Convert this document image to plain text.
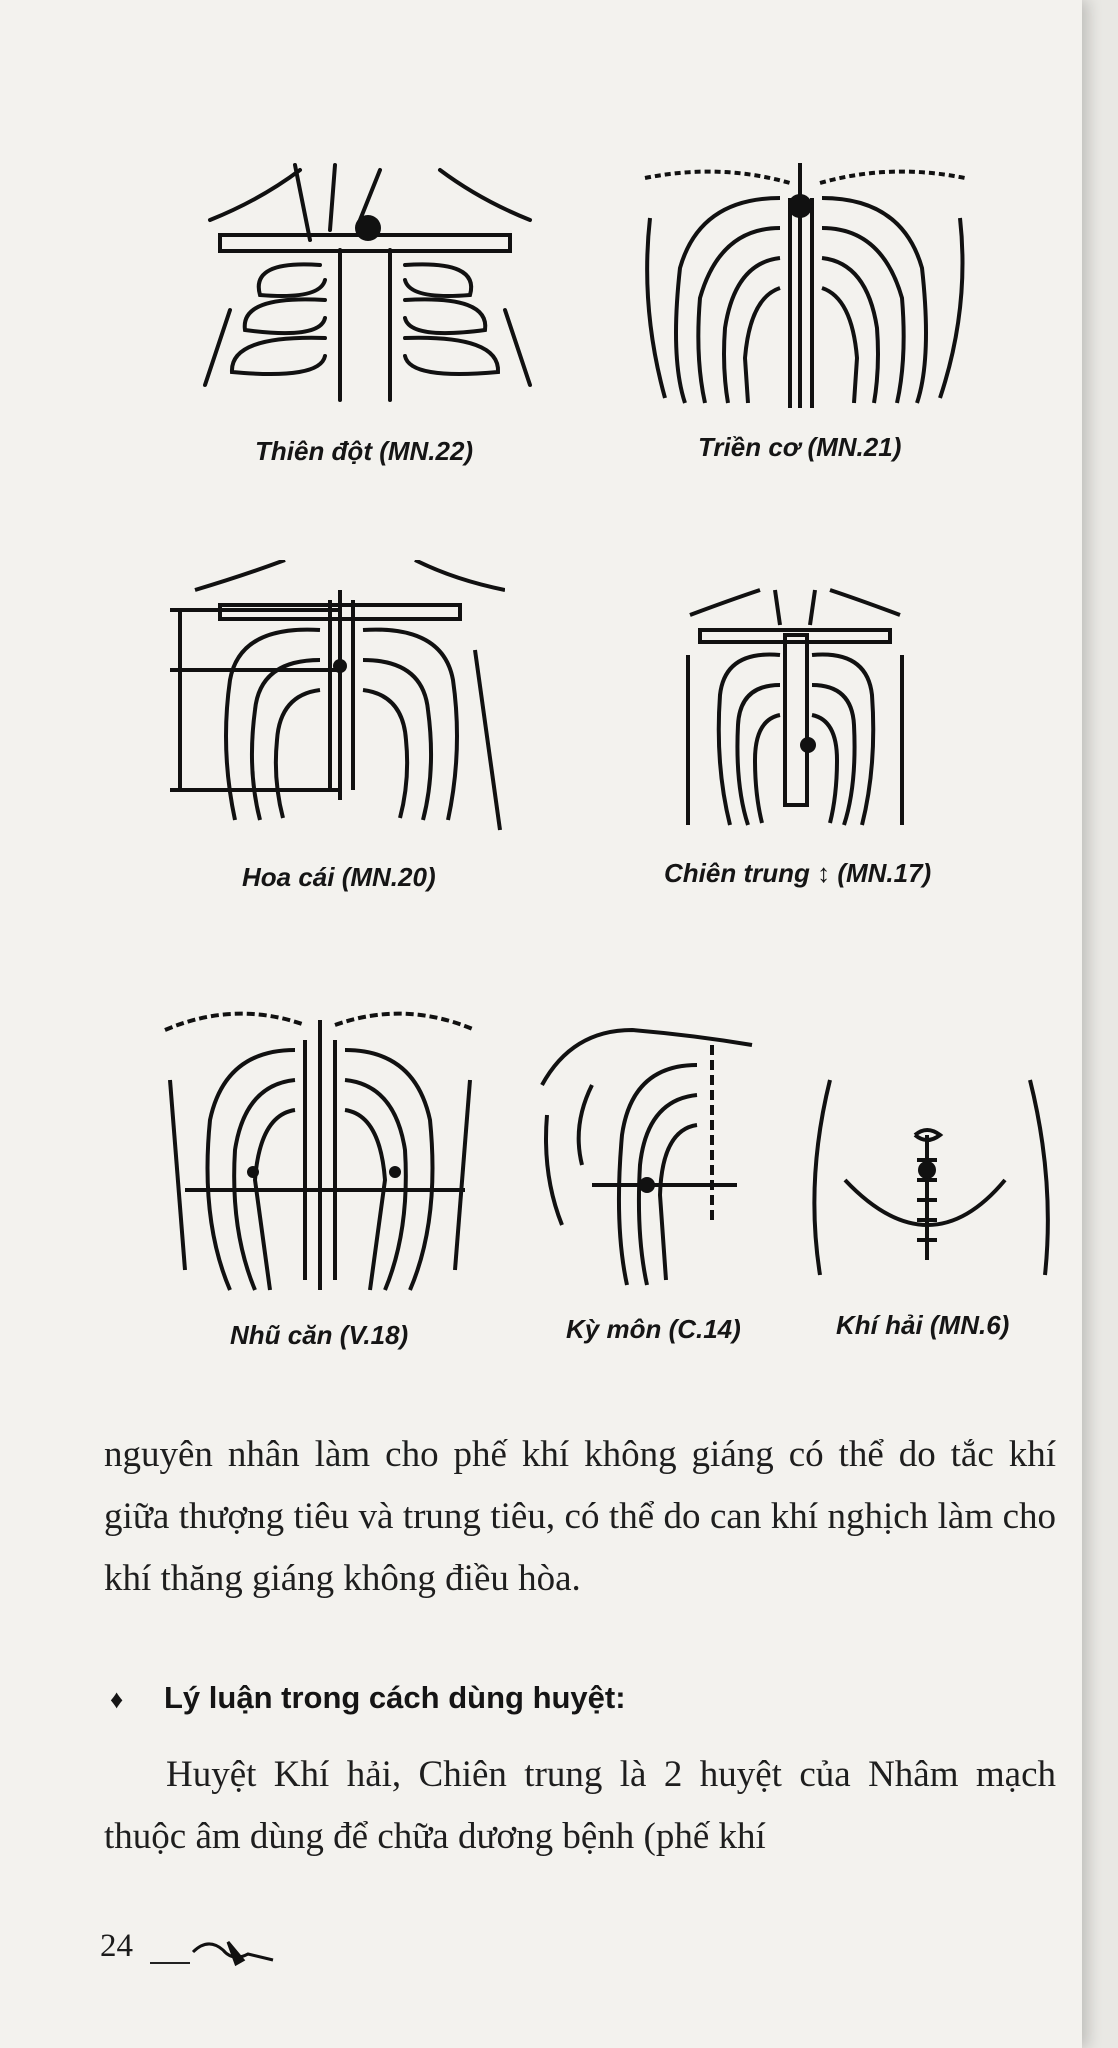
Thiên đột (MN.22)	Triền cơ (MN.21)
Hoa cái (MN.20)	Chiên trung ↕ (MN.17)
Nhũ căn (V.18)	Kỳ môn (C.14)	Khí hải (MN.6)
nguyên nhân làm cho phế khí không giáng có thể do tắc khí giữa thượng tiêu và trung tiêu, có thể do can khí nghịch làm cho khí thăng giáng không điều hòa.
♦ Lý luận trong cách dùng huyệt:
Huyệt Khí hải, Chiên trung là 2 huyệt của Nhâm mạch thuộc âm dùng để chữa dương bệnh (phế khí
24
